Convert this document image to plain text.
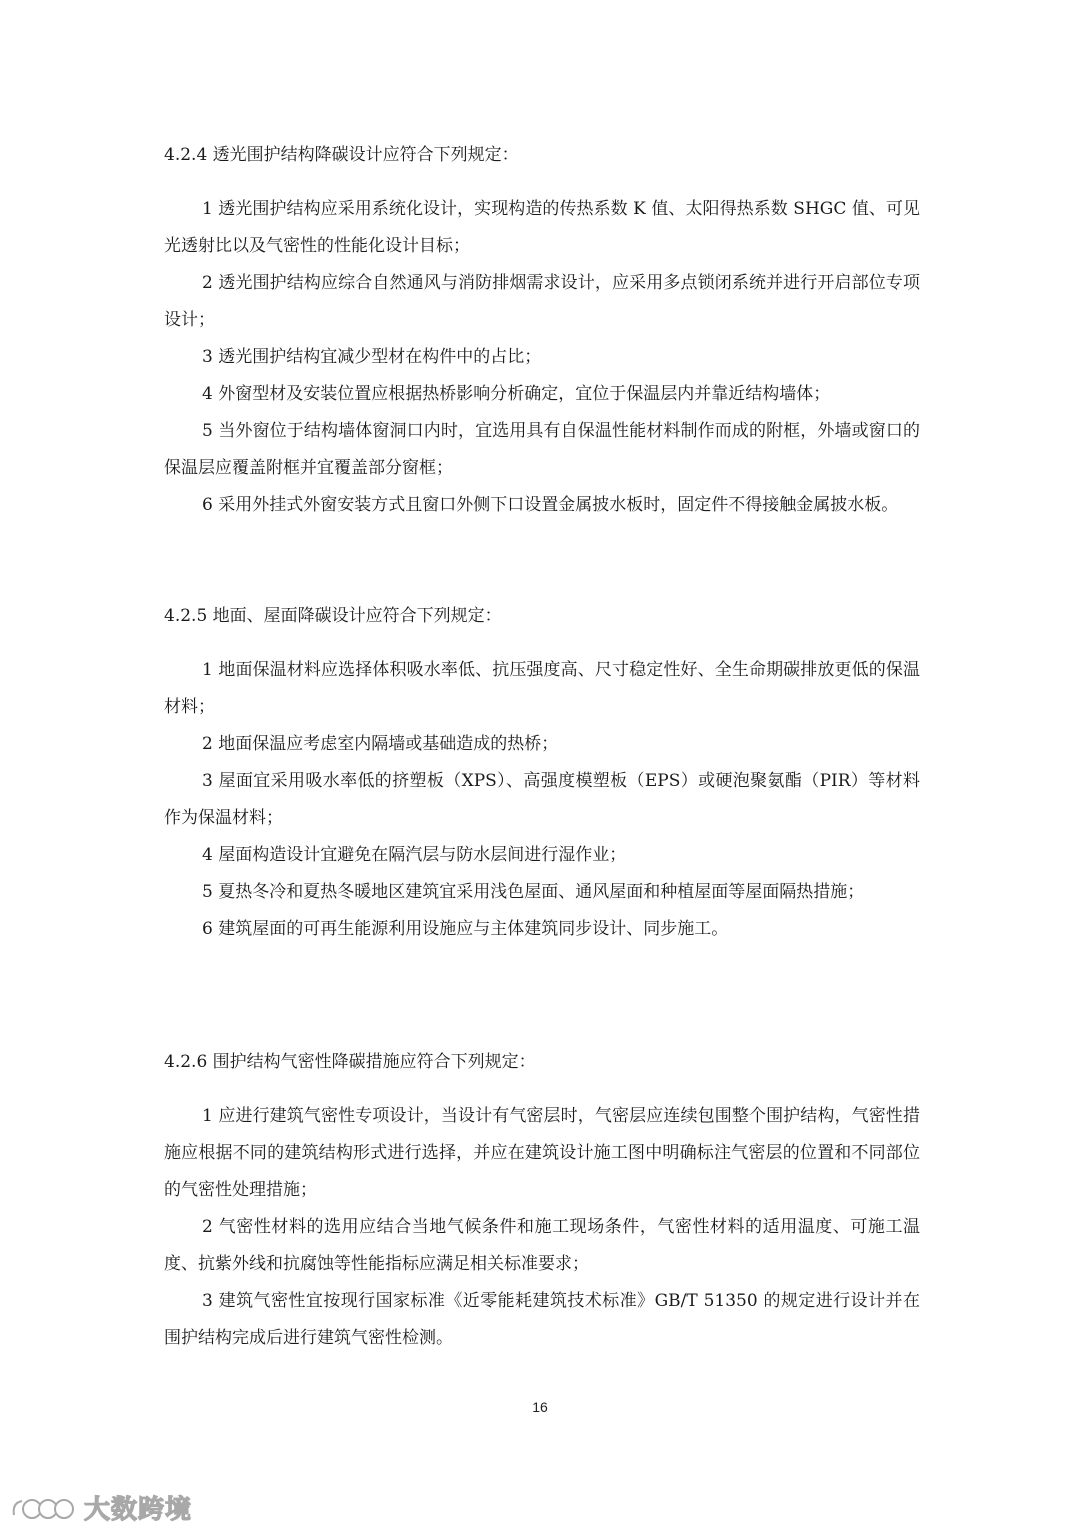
4.2.4 透光围护结构降碳设计应符合下列规定：

1 透光围护结构应采用系统化设计，实现构造的传热系数 K 值、太阳得热系数 SHGC 值、可见光透射比以及气密性的性能化设计目标；

2 透光围护结构应综合自然通风与消防排烟需求设计，应采用多点锁闭系统并进行开启部位专项设计；

3 透光围护结构宜减少型材在构件中的占比；

4 外窗型材及安装位置应根据热桥影响分析确定，宜位于保温层内并靠近结构墙体；

5 当外窗位于结构墙体窗洞口内时，宜选用具有自保温性能材料制作而成的附框，外墙或窗口的保温层应覆盖附框并宜覆盖部分窗框；

6 采用外挂式外窗安装方式且窗口外侧下口设置金属披水板时，固定件不得接触金属披水板。

4.2.5 地面、屋面降碳设计应符合下列规定：

1 地面保温材料应选择体积吸水率低、抗压强度高、尺寸稳定性好、全生命期碳排放更低的保温材料；

2 地面保温应考虑室内隔墙或基础造成的热桥；

3 屋面宜采用吸水率低的挤塑板（XPS）、高强度模塑板（EPS）或硬泡聚氨酯（PIR）等材料作为保温材料；

4 屋面构造设计宜避免在隔汽层与防水层间进行湿作业；

5 夏热冬冷和夏热冬暖地区建筑宜采用浅色屋面、通风屋面和种植屋面等屋面隔热措施；

6 建筑屋面的可再生能源利用设施应与主体建筑同步设计、同步施工。

4.2.6 围护结构气密性降碳措施应符合下列规定：

1 应进行建筑气密性专项设计，当设计有气密层时，气密层应连续包围整个围护结构，气密性措施应根据不同的建筑结构形式进行选择，并应在建筑设计施工图中明确标注气密层的位置和不同部位的气密性处理措施；

2 气密性材料的选用应结合当地气候条件和施工现场条件，气密性材料的适用温度、可施工温度、抗紫外线和抗腐蚀等性能指标应满足相关标准要求；

3 建筑气密性宜按现行国家标准《近零能耗建筑技术标准》GB/T 51350 的规定进行设计并在围护结构完成后进行建筑气密性检测。

16
大数跨境
